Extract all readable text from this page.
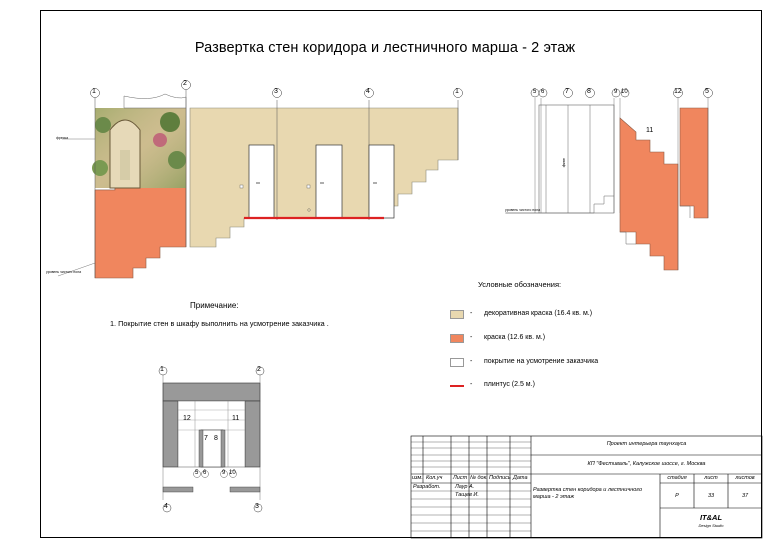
Развертка стен коридора и лестничного марша - 2 этаж
1
2
3	4	1	5 6	7	8	9 10	12	5
11
фреска
уровень чистого пола
уровень чистого пола
шкаф
1	2
4	3
12	11
7 8
5 6	9 10
Примечание:
1. Покрытие стен в шкафу выполнить на усмотрение заказчика .
Условные обозначения:
- декоративная краска (16.4 кв. м.)
- краска (12.6 кв. м.)
- покрытие на усмотрение заказчика
- плинтус (2.5 м.)
Проект интерьера таунхауса
КП "Фестиваль", Калужское шоссе, г. Москва
изм. Кол.уч Лист № док. Подпись Дата
Разработ.	Лаур А.
Тащев И.
Развертка стен коридора и лестничного марша - 2 этаж
стадия	лист	листов
Р	33	37
IT&AL
Design Studio
